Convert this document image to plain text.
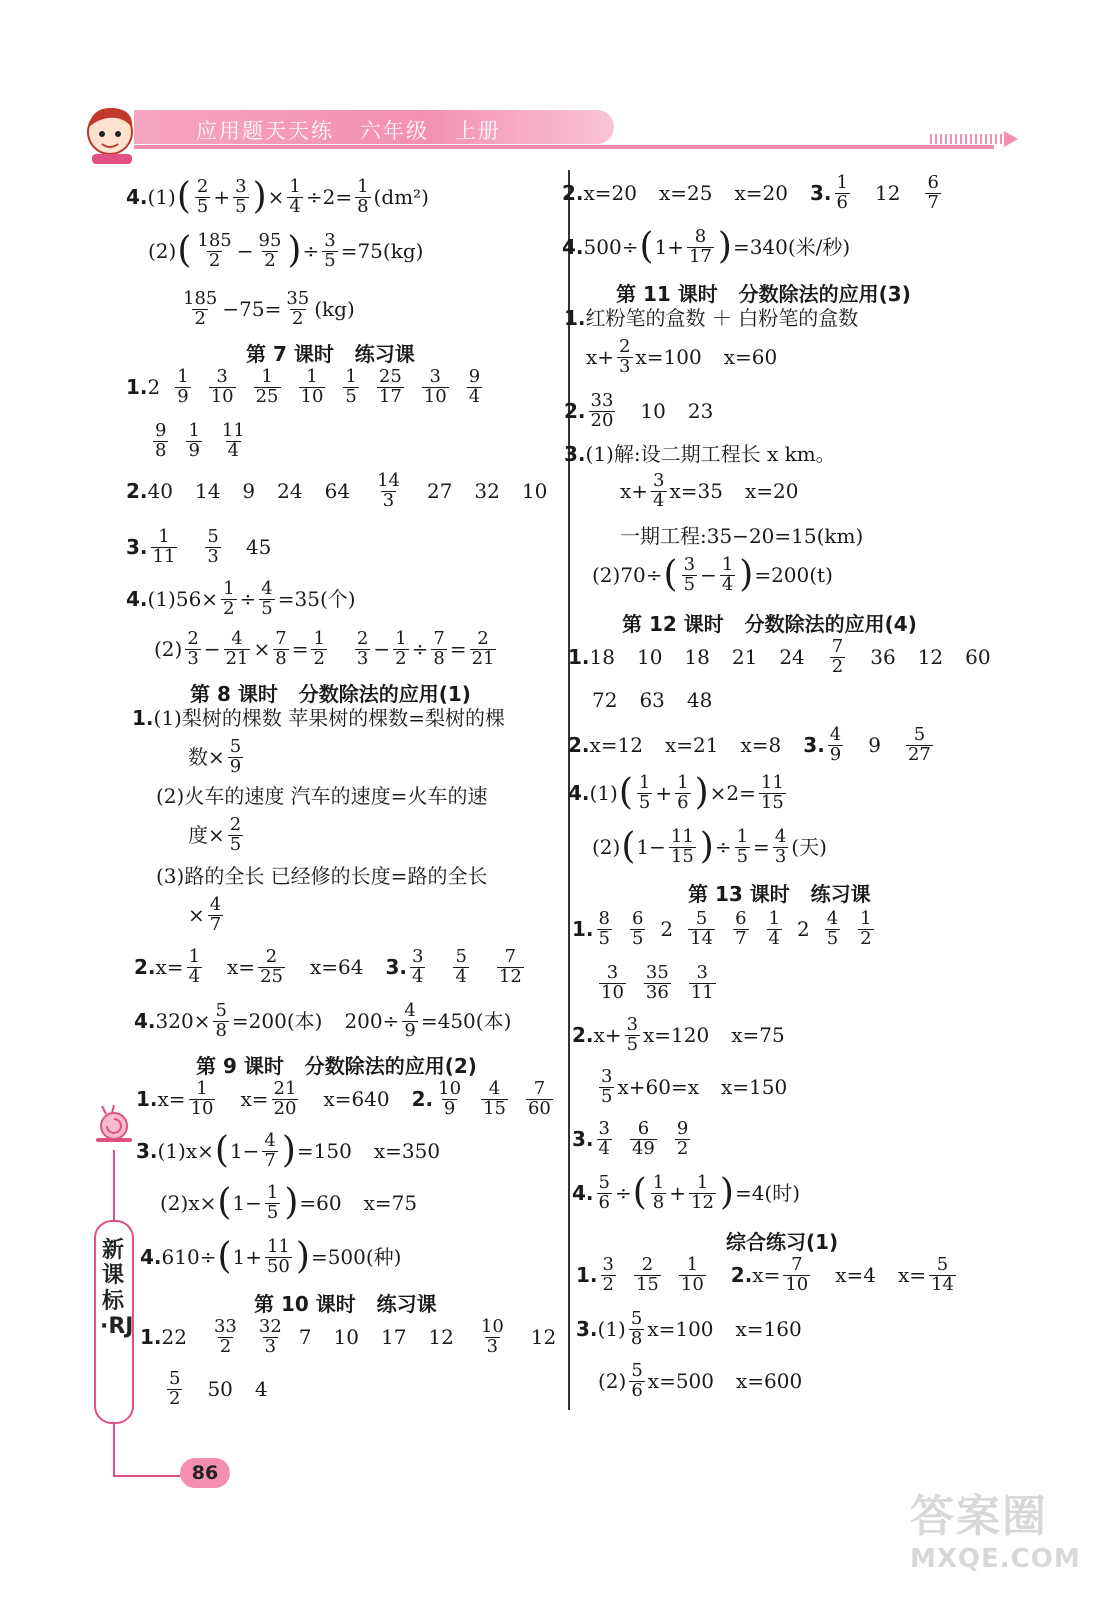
应用题天天练   六年级   上册
4. (1) ( $\frac{2}{5} + \frac{3}{5}$ ) × $\frac{1}{4} \div 2= \frac{1}{8} (dm^2)$
(2) ( $\frac{185}{2} - \frac{95}{2}$ ) ÷ $\frac{3}{5} =75(kg)$
$\frac{185}{2} -75= \frac{35}{2} (kg)$
第 7 课时   练习课
1. $2 \frac{1}{9} \frac{3}{10} \frac{1}{25} \frac{1}{10} \frac{1}{5} \frac{25}{17} \frac{3}{10} \frac{9}{4}$
$\frac{9}{8} \frac{1}{9} \frac{11}{4}$
2. 40 14 9 24 $64 \frac{14}{3} 27$ 32 10
3. $\frac{1}{11} \frac{5}{3} 45$
4. $(1)56\times \frac{1}{2} \div \frac{4}{5} =35$(个)
$(2) \frac{2}{3} - \frac{4}{21} \times \frac{7}{8} = \frac{1}{2} \frac{2}{3} - \frac{1}{2} \div \frac{7}{8} = \frac{2}{21}$
第 8 课时   分数除法的应用(1)
1. (1)梨树的棵数 苹果树的棵数=梨树的棵
数× $\frac{5}{9}$
(2)火车的速度 汽车的速度=火车的速
度× $\frac{2}{5}$
(3)路的全长 已经修的长度=路的全长
× $\frac{4}{7}$
2. $x= \frac{1}{4} x= \frac{2}{25} x=64$ 3. $\frac{3}{4} \frac{5}{4} \frac{7}{12}$
4. $320\times \frac{5}{8} =200$(本) $200\div \frac{4}{9} =450$(本)
第 9 课时   分数除法的应用(2)
1. $x= \frac{1}{10} x= \frac{21}{20} x=640$ 2. $\frac{10}{9} \frac{4}{15} \frac{7}{60}$
3. (1)x× ( $1- \frac{4}{7}$ ) =150 x=350
(2)x× ( $1- \frac{1}{5}$ ) =60 x=75
4. 610÷ ( $1+ \frac{11}{50}$ ) =500(种)
第 10 课时   练习课
1. $22 \frac{33}{2} \frac{32}{3} 7$ 10 17 $12 \frac{10}{3} 12$
$\frac{5}{2} 50$ 4
2. x=20 x=25 x=20 3. $\frac{1}{6} 12 \frac{6}{7}$
4. 500÷ ( $1+ \frac{8}{17}$ ) =340(米/秒)
第 11 课时   分数除法的应用(3)
1. 红粉笔的盒数 ＋ 白粉笔的盒数
$x+ \frac{2}{3} x=100$ x=60
2. $\frac{33}{20} 10$ 23
3. (1)解:设二期工程长 x km。
$x+ \frac{3}{4} x=35$ x=20
一期工程:35−20=15(km)
(2)70÷ ( $\frac{3}{5} - \frac{1}{4}$ ) =200(t)
第 12 课时   分数除法的应用(4)
1. 18 10 18 21 $24 \frac{7}{2} 36$ 12 60
72 63 48
2. x=12 x=21 x=8 3. $\frac{4}{9} 9 \frac{5}{27}$
4. (1) ( $\frac{1}{5} + \frac{1}{6}$ ) $\times 2= \frac{11}{15}$
(2) ( $1- \frac{11}{15}$ ) ÷ $\frac{1}{5} = \frac{4}{3}$ (天)
第 13 课时   练习课
1. $\frac{8}{5} \frac{6}{5} 2 \frac{5}{14} \frac{6}{7} \frac{1}{4} 2 \frac{4}{5} \frac{1}{2}$
$\frac{3}{10} \frac{35}{36} \frac{3}{11}$
2. $x+ \frac{3}{5} x=120$ x=75
$\frac{3}{5} x+60=x$ x=150
3. $\frac{3}{4} \frac{6}{49} \frac{9}{2}$
4. $\frac{5}{6}$ ÷ ( $\frac{1}{8} + \frac{1}{12}$ ) =4(时)
综合练习(1)
1. $\frac{3}{2} \frac{2}{15} \frac{1}{10} 2$. $x= \frac{7}{10} x=4$ $x= \frac{5}{14}$
3. $(1) \frac{5}{8} x=100$ x=160
$(2) \frac{5}{6} x=500$ x=600
新课标·RJ
86
答案圈
MXQE.COM
